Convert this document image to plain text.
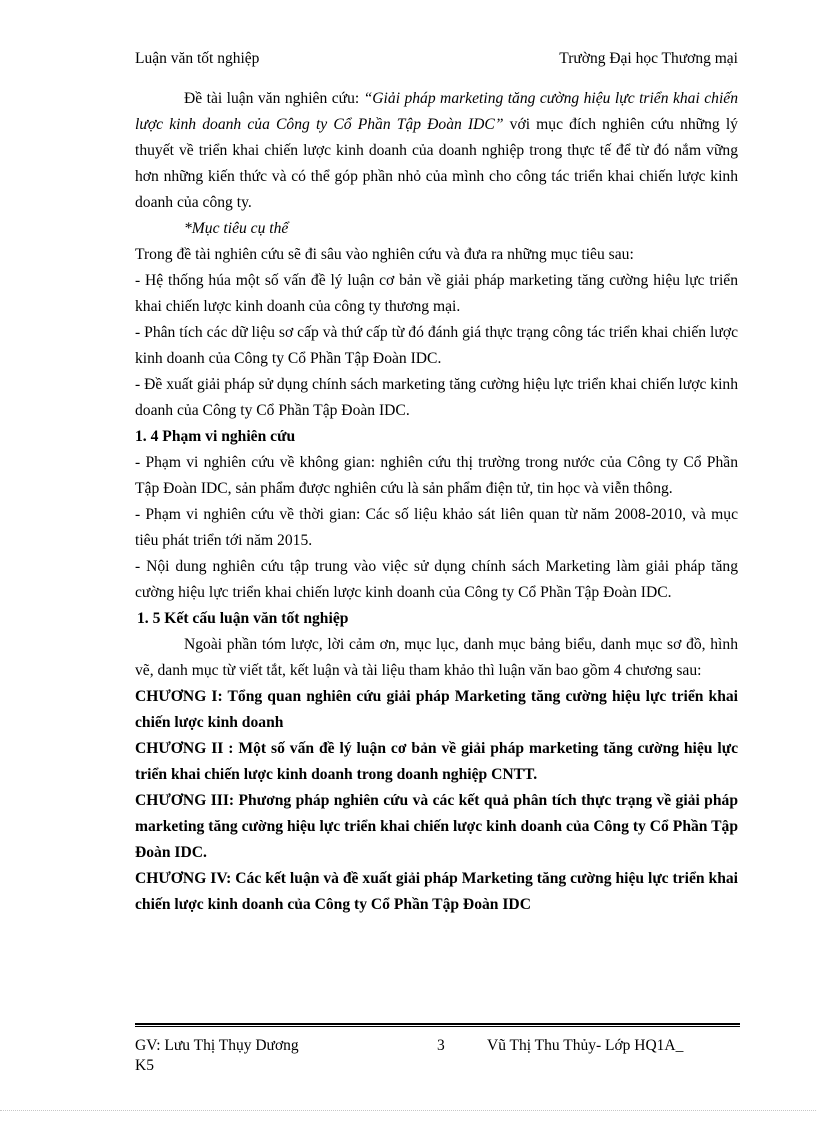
Luận văn tốt nghiệp	Trường Đại học Thương mại

Đề tài luận văn nghiên cứu: “Giải pháp marketing tăng cường hiệu lực triển khai chiến lược kinh doanh của Công ty Cổ Phần Tập Đoàn IDC” với mục đích nghiên cứu những lý thuyết về triển khai chiến lược kinh doanh của doanh nghiệp trong thực tế để từ đó nắm vững hơn những kiến thức và có thể góp phần nhỏ của mình cho công tác triển khai chiến lược kinh doanh của công ty.

*Mục tiêu cụ thể

Trong đề tài nghiên cứu sẽ đi sâu vào nghiên cứu và đưa ra những mục tiêu sau:

- Hệ thống húa một số vấn đề lý luận cơ bản về giải pháp marketing tăng cường hiệu lực triển khai chiến lược kinh doanh của công ty thương mại.

- Phân tích các dữ liệu sơ cấp và thứ cấp từ đó đánh giá thực trạng công tác triển khai chiến lược kinh doanh của Công ty Cổ Phần Tập Đoàn IDC.

- Đề xuất giải pháp sử dụng chính sách marketing tăng cường hiệu lực triển khai chiến lược kinh doanh của Công ty Cổ Phần Tập Đoàn IDC.

1. 4 Phạm vi nghiên cứu

- Phạm vi nghiên cứu về không gian: nghiên cứu thị trường trong nước của Công ty Cổ Phần Tập Đoàn IDC, sản phẩm được nghiên cứu là sản phẩm điện tử, tin học và viễn thông.

- Phạm vi nghiên cứu về thời gian: Các số liệu khảo sát liên quan từ năm 2008-2010, và mục tiêu phát triển tới năm 2015.

- Nội dung nghiên cứu tập trung vào việc sử dụng chính sách Marketing làm giải pháp tăng cường hiệu lực triển khai chiến lược kinh doanh của Công ty Cổ Phần Tập Đoàn IDC.

1. 5 Kết cấu luận văn tốt nghiệp

Ngoài phần tóm lược, lời cảm ơn, mục lục, danh mục bảng biểu, danh mục sơ đồ, hình vẽ, danh mục từ viết tắt, kết luận và tài liệu tham khảo thì luận văn bao gồm 4 chương sau:

CHƯƠNG I: Tổng quan nghiên cứu giải pháp Marketing tăng cường hiệu lực triển khai chiến lược kinh doanh

CHƯƠNG II : Một số vấn đề lý luận cơ bản về giải pháp marketing tăng cường hiệu lực triển khai chiến lược kinh doanh trong doanh nghiệp CNTT.

CHƯƠNG III: Phương pháp nghiên cứu và các kết quả phân tích thực trạng về giải pháp marketing tăng cường hiệu lực triển khai chiến lược kinh doanh của Công ty Cổ Phần Tập Đoàn IDC.

CHƯƠNG IV: Các kết luận và đề xuất giải pháp Marketing tăng cường hiệu lực triển khai chiến lược kinh doanh của Công ty Cổ Phần Tập Đoàn IDC

GV: Lưu Thị Thụy Dương	3	Vũ Thị Thu Thủy- Lớp HQ1A_
K5
